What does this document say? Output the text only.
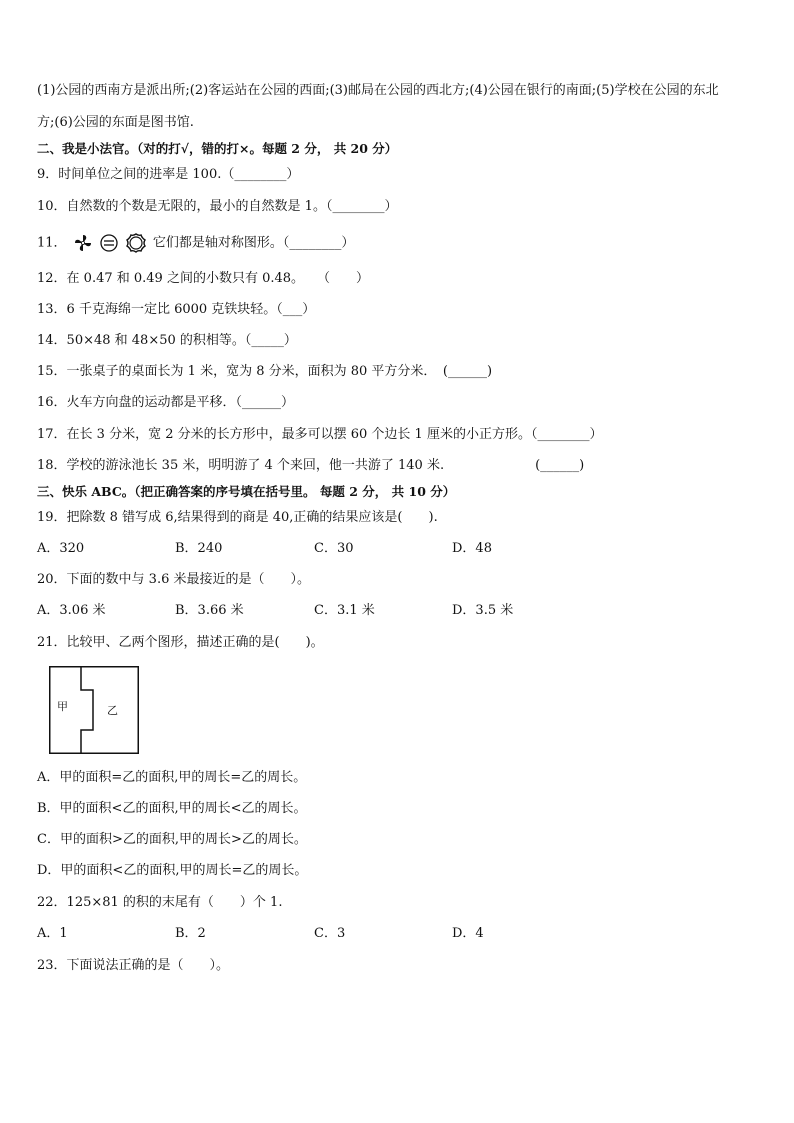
(1)公园的西南方是派出所;(2)客运站在公园的西面;(3)邮局在公园的西北方;(4)公园在银行的南面;(5)学校在公园的东北
方;(6)公园的东面是图书馆.
二、我是小法官。（对的打√，错的打×。每题 2 分， 共 20 分）
9．时间单位之间的进率是 100.（________）
10．自然数的个数是无限的，最小的自然数是 1。（________）
11．	它们都是轴对称图形。（________）
12．在 0.47 和 0.49 之间的小数只有 0.48。　　（　　）
13．6 千克海绵一定比 6000 克铁块轻。（___）
14．50×48 和 48×50 的积相等。（_____）
15．一张桌子的桌面长为 1 米，宽为 8 分米，面积为 80 平方分米．　(______)
16．火车方向盘的运动都是平移．（______）
17．在长 3 分米，宽 2 分米的长方形中，最多可以摆 60 个边长 1 厘米的小正方形。（________）
18．学校的游泳池长 35 米，明明游了 4 个来回，他一共游了 140 米.　　　　　　　(______)
三、快乐 ABC。（把正确答案的序号填在括号里。 每题 2 分， 共 10 分）
19．把除数 8 错写成 6,结果得到的商是 40,正确的结果应该是(　　).
A．320	B．240	C．30	D．48
20．下面的数中与 3.6 米最接近的是（　　）。
A．3.06 米	B．3.66 米	C．3.1 米	D．3.5 米
21．比较甲、乙两个图形，描述正确的是(　　)。
甲	乙
A．甲的面积=乙的面积,甲的周长=乙的周长。
B．甲的面积<乙的面积,甲的周长<乙的周长。
C．甲的面积>乙的面积,甲的周长>乙的周长。
D．甲的面积<乙的面积,甲的周长=乙的周长。
22．125×81 的积的末尾有（　　）个 1.
A．1	B．2	C．3	D．4
23．下面说法正确的是（　　）。
